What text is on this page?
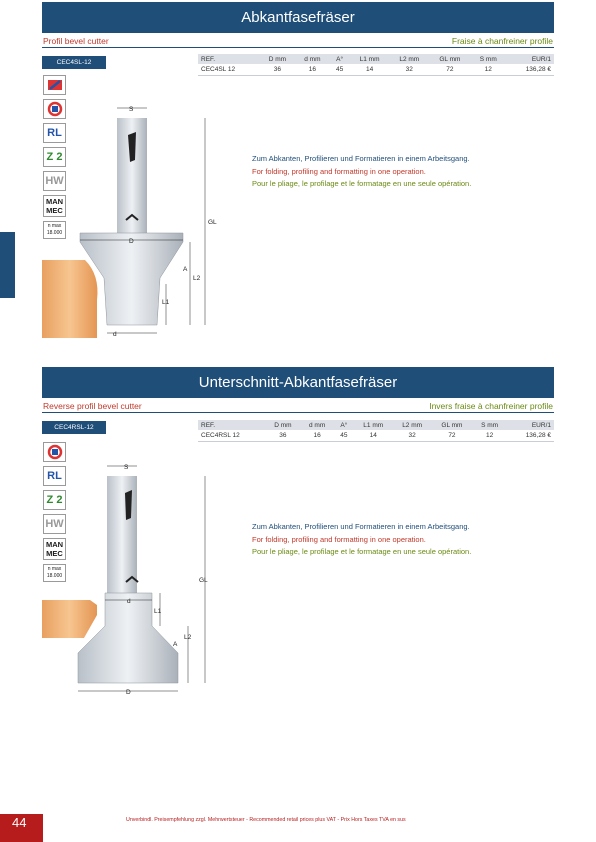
Abkantfasefräser
Profil bevel cutter	Fraise à chanfreiner profile
CEC4SL-12	REF.	D mm	d mm	A°	L1 mm	L2 mm	GL mm	S mm	EUR/1
CEC4SL 12	36	16	45	14	32	72	12	136,28 €
RL
Z 2
HW
MAN
MEC
n max
18.000
Zum Abkanten, Profilieren und Formatieren in einem Arbeitsgang.
For folding, profiling and formatting in one operation.
Pour le pliage, le profilage et le formatage en une seule opération.
S
D
d
GL
L2
L1
A
Unterschnitt-Abkantfasefräser
Reverse profil bevel cutter	Invers fraise à chanfreiner profile
CEC4RSL-12	REF.	D mm	d mm	A°	L1 mm	L2 mm	GL mm	S mm	EUR/1
CEC4RSL 12	36	16	45	14	32	72	12	136,28 €
RL
Z 2
HW
MAN
MEC
n max
18.000
Zum Abkanten, Profilieren und Formatieren in einem Arbeitsgang.
For folding, profiling and formatting in one operation.
Pour le pliage, le profilage et le formatage en une seule opération.
S
d
D
GL
L2
L1
A
44	Unverbindl. Preisempfehlung zzgl. Mehrwertsteuer - Recommended retail prices plus VAT - Prix Hors Taxes TVA en sus
